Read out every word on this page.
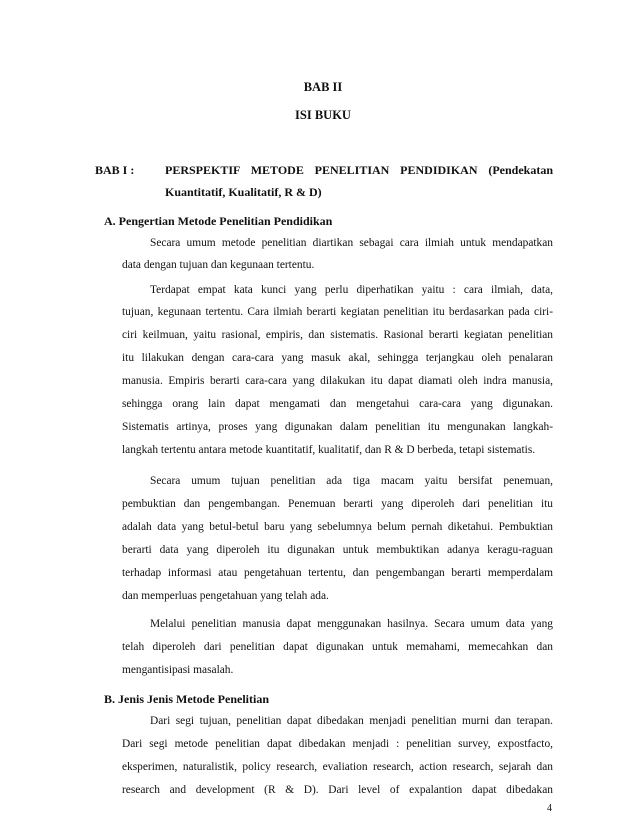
BAB II
ISI BUKU
BAB I :	PERSPEKTIF METODE PENELITIAN PENDIDIKAN (Pendekatan
Kuantitatif, Kualitatif, R & D)
A. Pengertian Metode Penelitian Pendidikan
Secara umum metode penelitian diartikan sebagai cara ilmiah untuk mendapatkan
data dengan tujuan dan kegunaan tertentu.
Terdapat empat kata kunci yang perlu diperhatikan yaitu : cara ilmiah, data,
tujuan, kegunaan tertentu. Cara ilmiah berarti kegiatan penelitian itu berdasarkan pada ciri-
ciri keilmuan, yaitu rasional, empiris, dan sistematis. Rasional berarti kegiatan penelitian
itu lilakukan dengan cara-cara yang masuk akal, sehingga terjangkau oleh penalaran
manusia. Empiris berarti cara-cara yang dilakukan itu dapat diamati oleh indra manusia,
sehingga orang lain dapat mengamati dan mengetahui cara-cara yang digunakan.
Sistematis artinya, proses yang digunakan dalam penelitian itu mengunakan langkah-
langkah tertentu antara metode kuantitatif, kualitatif, dan R & D berbeda, tetapi sistematis.
Secara umum tujuan penelitian ada tiga macam yaitu bersifat penemuan,
pembuktian dan pengembangan. Penemuan berarti yang diperoleh dari penelitian itu
adalah data yang betul-betul baru yang sebelumnya belum pernah diketahui. Pembuktian
berarti data yang diperoleh itu digunakan untuk membuktikan adanya keragu-raguan
terhadap informasi atau pengetahuan tertentu, dan pengembangan berarti memperdalam
dan memperluas pengetahuan yang telah ada.
Melalui penelitian manusia dapat menggunakan hasilnya. Secara umum data yang
telah diperoleh dari penelitian dapat digunakan untuk memahami, memecahkan dan
mengantisipasi masalah.
B. Jenis Jenis Metode Penelitian
Dari segi tujuan, penelitian dapat dibedakan menjadi penelitian murni dan terapan.
Dari segi metode penelitian dapat dibedakan menjadi : penelitian survey, expostfacto,
eksperimen, naturalistik, policy research, evaliation research, action research, sejarah dan
research and development (R & D). Dari level of expalantion dapat dibedakan
4
